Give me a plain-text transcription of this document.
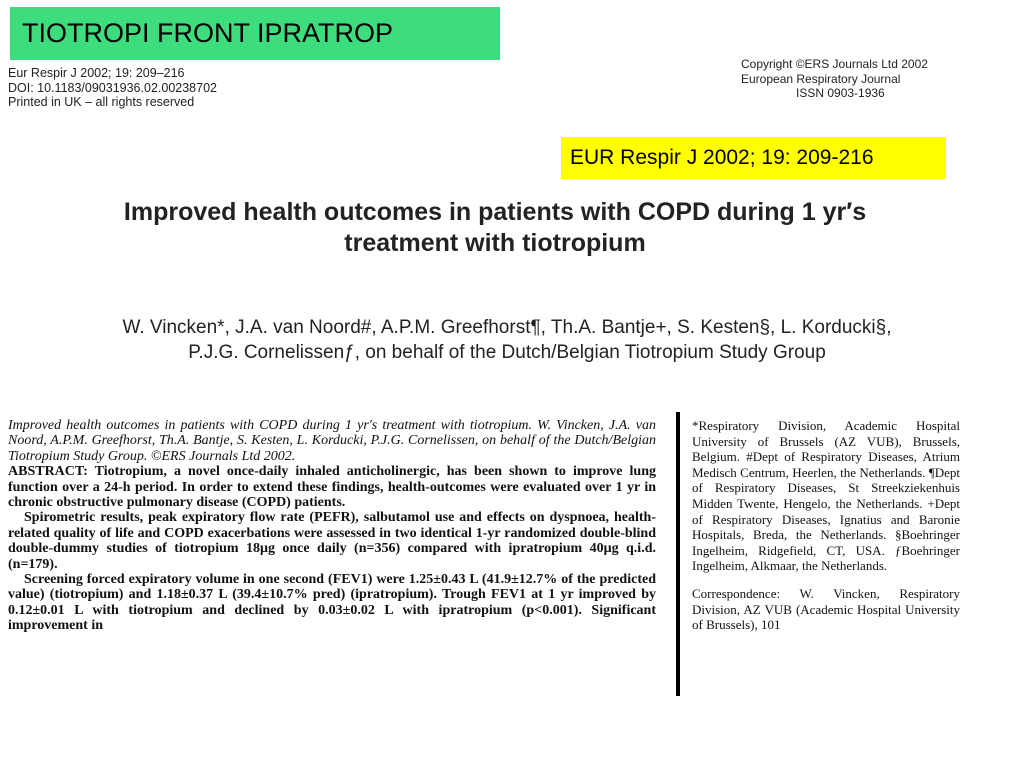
TIOTROPI FRONT IPRATROP
Eur Respir J 2002; 19: 209–216
DOI: 10.1183/09031936.02.00238702
Printed in UK – all rights reserved
Copyright ©ERS Journals Ltd 2002
European Respiratory Journal
ISSN 0903-1936
EUR Respir J 2002; 19: 209-216
Improved health outcomes in patients with COPD during 1 yr′s
treatment with tiotropium
W. Vincken*, J.A. van Noord#, A.P.M. Greefhorst¶, Th.A. Bantje+, S. Kesten§, L. Korducki§,
P.J.G. Cornelissenƒ, on behalf of the Dutch/Belgian Tiotropium Study Group

Improved health outcomes in patients with COPD during 1 yr's treatment with tiotropium. W. Vincken, J.A. van Noord, A.P.M. Greefhorst, Th.A. Bantje, S. Kesten, L. Korducki, P.J.G. Cornelissen, on behalf of the Dutch/Belgian Tiotropium Study Group. ©ERS Journals Ltd 2002.

ABSTRACT: Tiotropium, a novel once-daily inhaled anticholinergic, has been shown to improve lung function over a 24-h period. In order to extend these findings, health-outcomes were evaluated over 1 yr in chronic obstructive pulmonary disease (COPD) patients.

Spirometric results, peak expiratory flow rate (PEFR), salbutamol use and effects on dyspnoea, health-related quality of life and COPD exacerbations were assessed in two identical 1-yr randomized double-blind double-dummy studies of tiotropium 18μg once daily (n=356) compared with ipratropium 40μg q.i.d. (n=179).

Screening forced expiratory volume in one second (FEV1) were 1.25±0.43 L (41.9±12.7% of the predicted value) (tiotropium) and 1.18±0.37 L (39.4±10.7% pred) (ipratropium). Trough FEV1 at 1 yr improved by 0.12±0.01 L with tiotropium and declined by 0.03±0.02 L with ipratropium (p<0.001). Significant improvement in

*Respiratory Division, Academic Hospital University of Brussels (AZ VUB), Brussels, Belgium. #Dept of Respiratory Diseases, Atrium Medisch Centrum, Heerlen, the Netherlands. ¶Dept of Respiratory Diseases, St Streekziekenhuis Midden Twente, Hengelo, the Netherlands. +Dept of Respiratory Diseases, Ignatius and Baronie Hospitals, Breda, the Netherlands. §Boehringer Ingelheim, Ridgefield, CT, USA. ƒBoehringer Ingelheim, Alkmaar, the Netherlands.

Correspondence: W. Vincken, Respiratory Division, AZ VUB (Academic Hospital University of Brussels), 101
